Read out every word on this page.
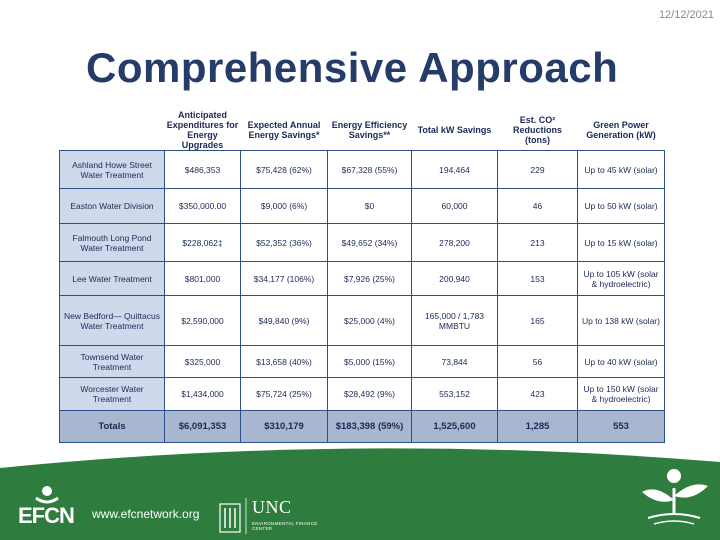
12/12/2021
Comprehensive Approach
	Anticipated Expenditures for Energy Upgrades	Expected Annual Energy Savings*	Energy Efficiency Savings**	Total kW Savings	Est. CO² Reductions (tons)	Green Power Generation (kW)
Ashland Howe Street Water Treatment	$486,353	$75,428 (62%)	$67,328 (55%)	194,464	229	Up to 45 kW (solar)
Easton Water Division	$350,000.00	$9,000 (6%)	$0	60,000	46	Up to 50 kW (solar)
Falmouth Long Pond Water Treatment	$228,062‡	$52,352 (36%)	$49,652 (34%)	278,200	213	Up to 15 kW (solar)
Lee Water Treatment	$801,000	$34,177 (106%)	$7,926 (25%)	200,940	153	Up to 105 kW (solar & hydroelectric)
New Bedford— Quittacus Water Treatment	$2,590,000	$49,840 (9%)	$25,000 (4%)	165,000 / 1,783 MMBTU	165	Up to 138 kW (solar)
Townsend Water Treatment	$325,000	$13,658 (40%)	$5,000 (15%)	73,844	56	Up to 40 kW (solar)
Worcester Water Treatment	$1,434,000	$75,724 (25%)	$28,492 (9%)	553,152	423	Up to 150 kW (solar & hydroelectric)
Totals	$6,091,353	$310,179	$183,398 (59%)	1,525,600	1,285	553
EFCN www.efcnetwork.org	UNC
ENVIRONMENTAL FINANCE CENTER
